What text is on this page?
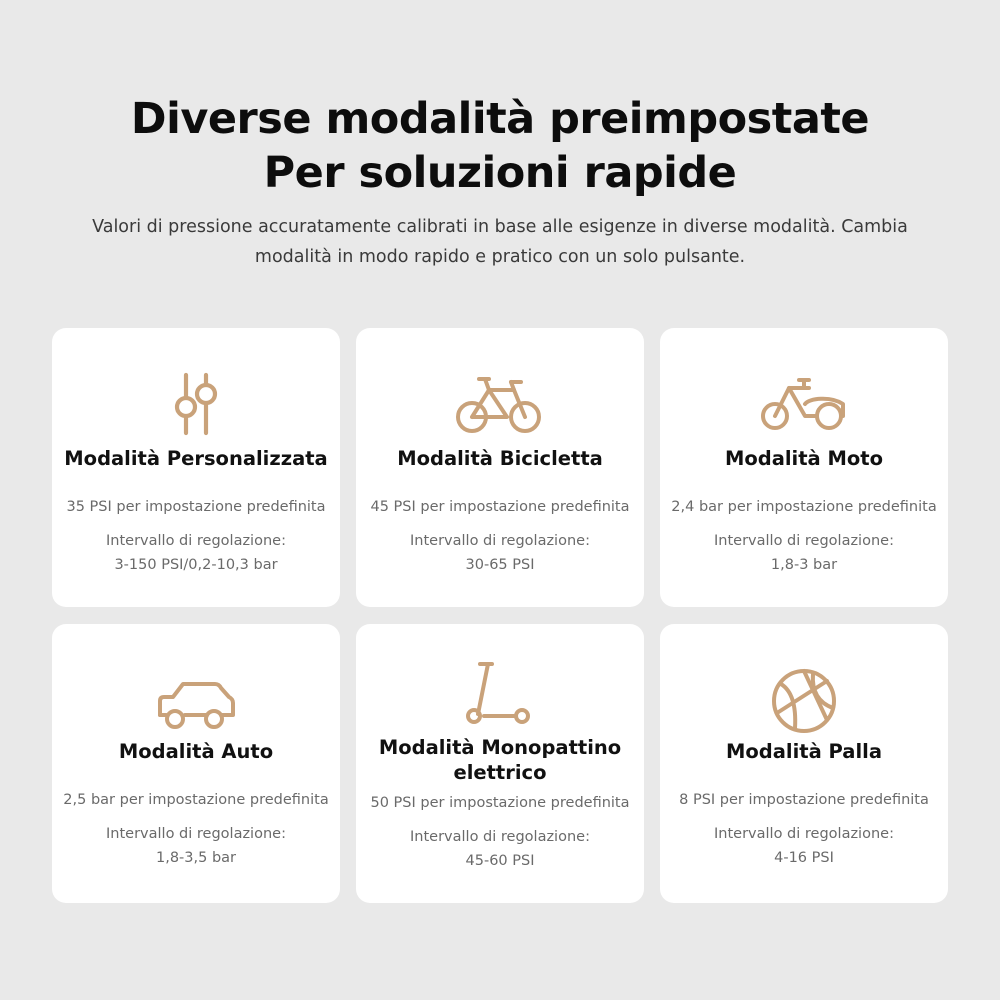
Diverse modalità preimpostate
Per soluzioni rapide

Valori di pressione accuratamente calibrati in base alle esigenze in diverse modalità. Cambia modalità in modo rapido e pratico con un solo pulsante.

Modalità Personalizzata

35 PSI per impostazione predefinita

Intervallo di regolazione:
3-150 PSI/0,2-10,3 bar

Modalità Bicicletta

45 PSI per impostazione predefinita

Intervallo di regolazione:
30-65 PSI

Modalità Moto

2,4 bar per impostazione predefinita

Intervallo di regolazione:
1,8-3 bar

Modalità Auto

2,5 bar per impostazione predefinita

Intervallo di regolazione:
1,8-3,5 bar

Modalità Monopattino
elettrico

50 PSI per impostazione predefinita

Intervallo di regolazione:
45-60 PSI

Modalità Palla

8 PSI per impostazione predefinita

Intervallo di regolazione:
4-16 PSI
